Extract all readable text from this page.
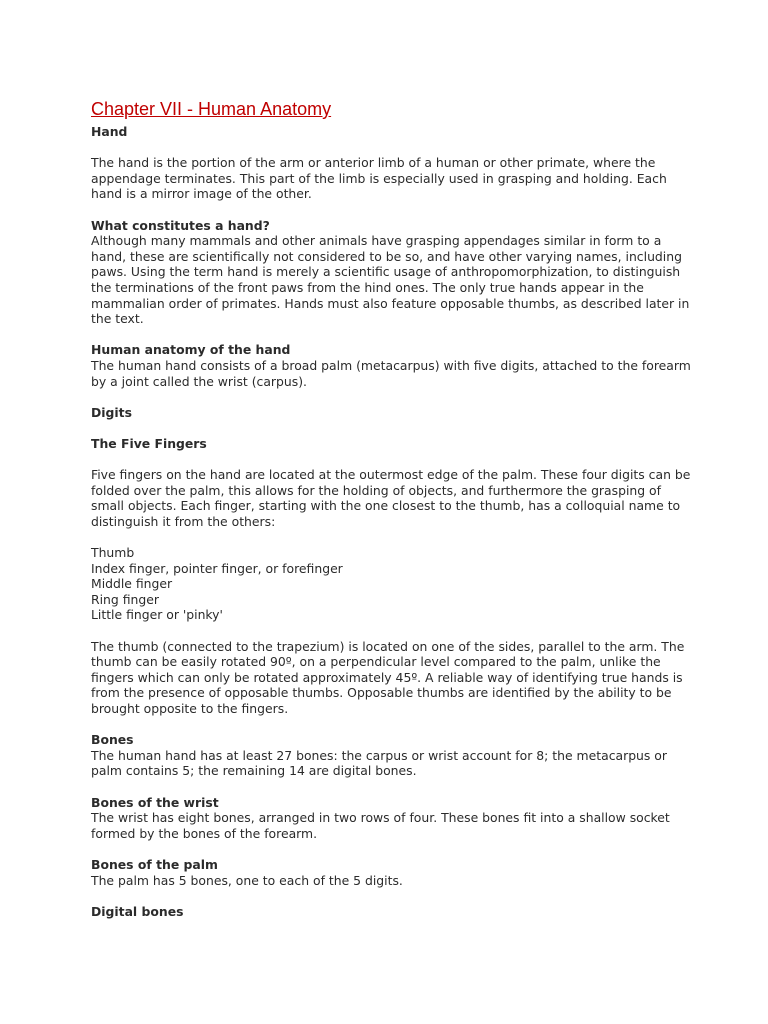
Chapter VII - Human Anatomy
Hand

The hand is the portion of the arm or anterior limb of a human or other primate, where the appendage terminates. This part of the limb is especially used in grasping and holding. Each hand is a mirror image of the other.

What constitutes a hand?

Although many mammals and other animals have grasping appendages similar in form to a hand, these are scientifically not considered to be so, and have other varying names, including paws. Using the term hand is merely a scientific usage of anthropomorphization, to distinguish the terminations of the front paws from the hind ones. The only true hands appear in the mammalian order of primates. Hands must also feature opposable thumbs, as described later in the text.

Human anatomy of the hand

The human hand consists of a broad palm (metacarpus) with five digits, attached to the forearm by a joint called the wrist (carpus).

Digits
The Five Fingers

Five fingers on the hand are located at the outermost edge of the palm. These four digits can be folded over the palm, this allows for the holding of objects, and furthermore the grasping of small objects. Each finger, starting with the one closest to the thumb, has a colloquial name to distinguish it from the others:

Thumb
Index finger, pointer finger, or forefinger
Middle finger
Ring finger
Little finger or 'pinky'

The thumb (connected to the trapezium) is located on one of the sides, parallel to the arm. The thumb can be easily rotated 90º, on a perpendicular level compared to the palm, unlike the fingers which can only be rotated approximately 45º. A reliable way of identifying true hands is from the presence of opposable thumbs. Opposable thumbs are identified by the ability to be brought opposite to the fingers.

Bones

The human hand has at least 27 bones: the carpus or wrist account for 8; the metacarpus or palm contains 5; the remaining 14 are digital bones.

Bones of the wrist

The wrist has eight bones, arranged in two rows of four. These bones fit into a shallow socket formed by the bones of the forearm.

Bones of the palm

The palm has 5 bones, one to each of the 5 digits.

Digital bones
